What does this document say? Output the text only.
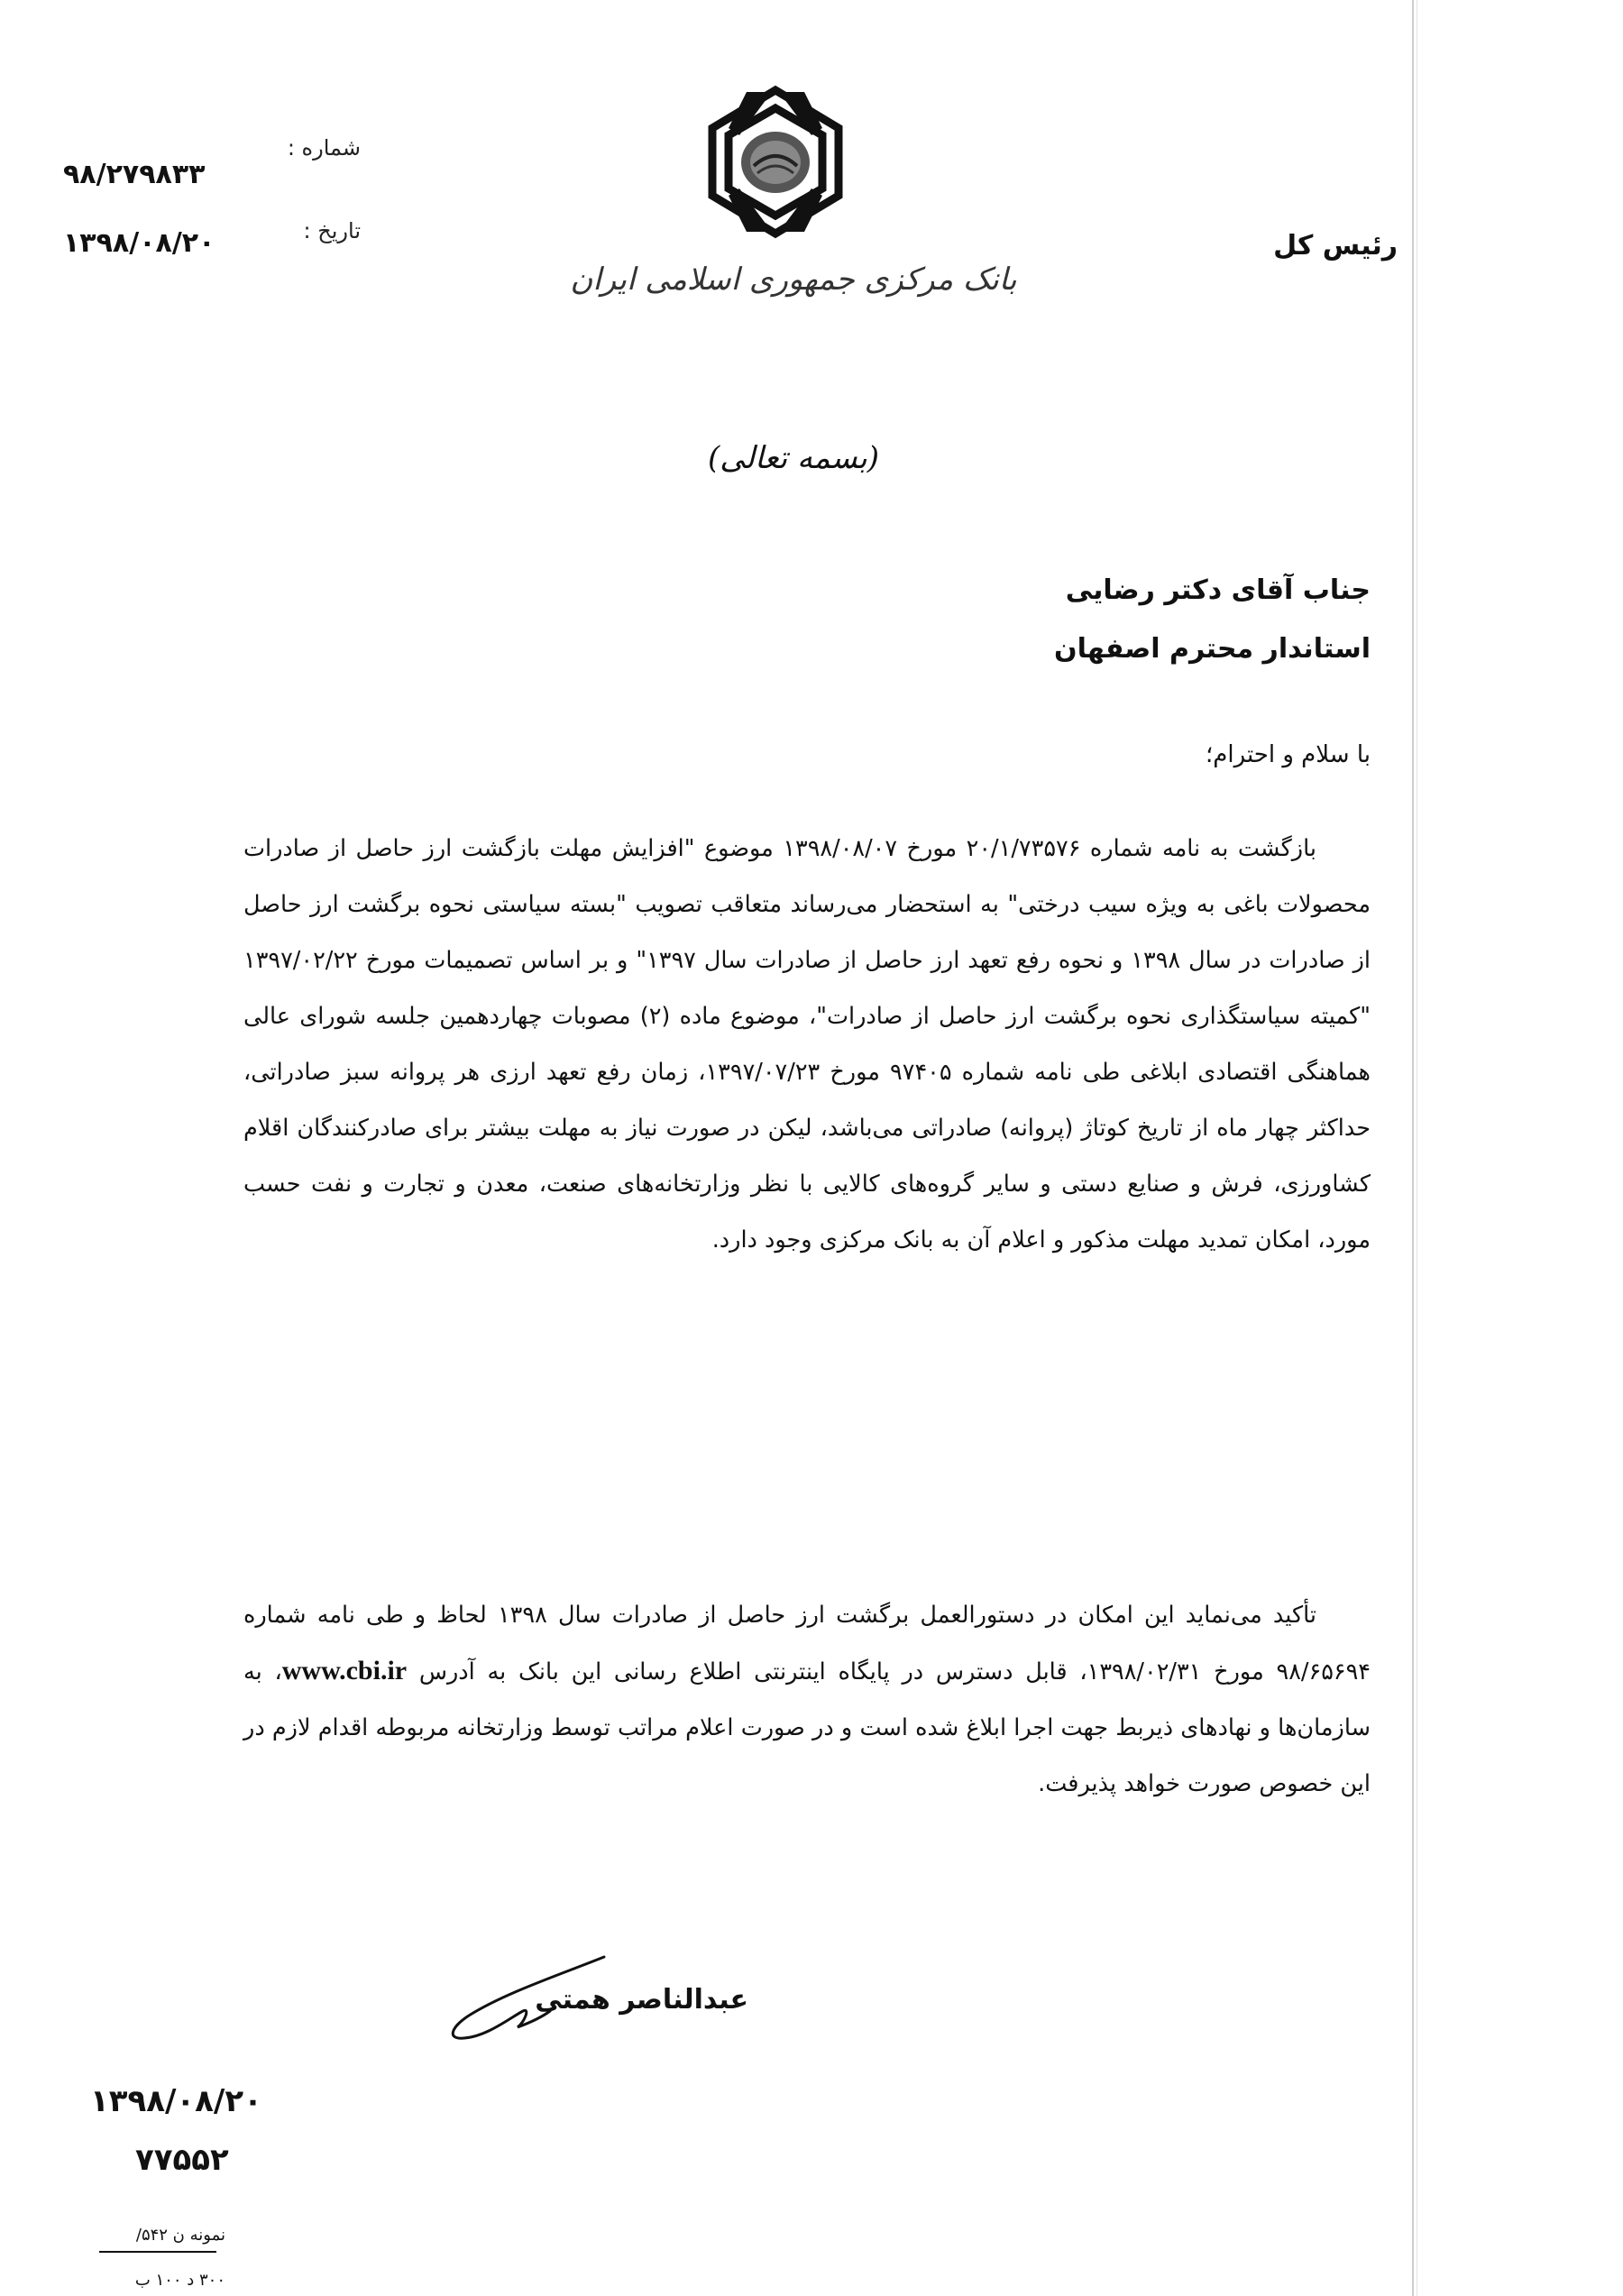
شماره :
۹۸/۲۷۹۸۳۳
تاریخ :
۱۳۹۸/۰۸/۲۰
بانک مرکزی جمهوری اسلامی ایران
رئیس کل
(بسمه تعالی)
جناب آقای دکتر رضایی
استاندار محترم اصفهان
با سلام و احترام؛
بازگشت به نامه شماره ۲۰/۱/۷۳۵۷۶ مورخ ۱۳۹۸/۰۸/۰۷ موضوع "افزایش مهلت بازگشت ارز حاصل از صادرات محصولات باغی به ویژه سیب درختی" به استحضار می‌رساند متعاقب تصویب "بسته سیاستی نحوه برگشت ارز حاصل از صادرات در سال ۱۳۹۸ و نحوه رفع تعهد ارز حاصل از صادرات سال ۱۳۹۷" و بر اساس تصمیمات مورخ ۱۳۹۷/۰۲/۲۲ "کمیته سیاستگذاری نحوه برگشت ارز حاصل از صادرات"، موضوع ماده (۲) مصوبات چهاردهمین جلسه شورای عالی هماهنگی اقتصادی ابلاغی طی نامه شماره ۹۷۴۰۵ مورخ ۱۳۹۷/۰۷/۲۳، زمان رفع تعهد ارزی هر پروانه سبز صادراتی، حداکثر چهار ماه از تاریخ کوتاژ (پروانه) صادراتی می‌باشد، لیکن در صورت نیاز به مهلت بیشتر برای صادرکنندگان اقلام کشاورزی، فرش و صنایع دستی و سایر گروه‌های کالایی با نظر وزارتخانه‌های صنعت، معدن و تجارت و نفت حسب مورد، امکان تمدید مهلت مذکور و اعلام آن به بانک مرکزی وجود دارد.
تأکید می‌نماید این امکان در دستورالعمل برگشت ارز حاصل از صادرات سال ۱۳۹۸ لحاظ و طی نامه شماره ۹۸/۶۵۶۹۴ مورخ ۱۳۹۸/۰۲/۳۱، قابل دسترس در پایگاه اینترنتی اطلاع رسانی این بانک به آدرس www.cbi.ir، به سازمان‌ها و نهادهای ذیربط جهت اجرا ابلاغ شده است و در صورت اعلام مراتب توسط وزارتخانه مربوطه اقدام لازم در این خصوص صورت خواهد پذیرفت.
عبدالناصر همتی
۱۳۹۸/۰۸/۲۰
۷۷۵۵۲
نمونه ن ۵۴۲/
۳۰۰ د ۱۰۰ ب
